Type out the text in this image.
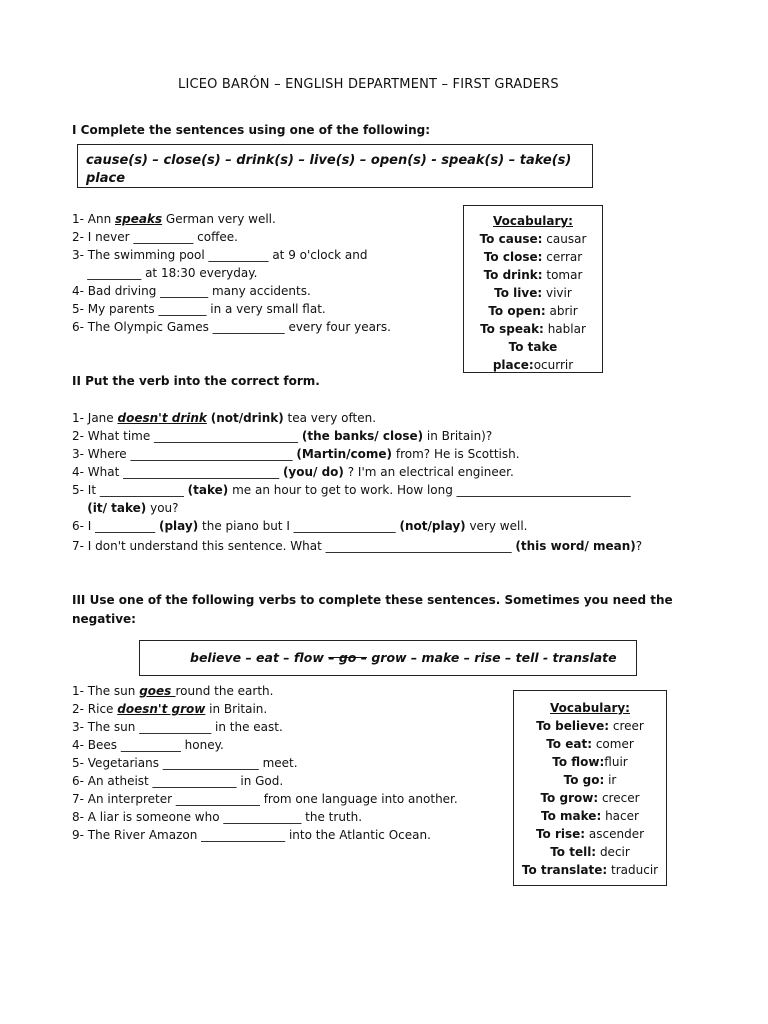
LICEO BARÓN – ENGLISH DEPARTMENT – FIRST GRADERS
I Complete the sentences using one of the following:
cause(s) – close(s) – drink(s) – live(s) – open(s) - speak(s) – take(s)
place
1- Ann speaks German very well.
2- I never __________ coffee.
3- The swimming pool __________ at 9 o'clock and
_________ at 18:30 everyday.
4- Bad driving ________ many accidents.
5- My parents ________ in a very small flat.
6- The Olympic Games ____________ every four years.
Vocabulary:
To cause: causar
To close: cerrar
To drink: tomar
To live: vivir
To open: abrir
To speak: hablar
To take
place:ocurrir
II Put the verb into the correct form.
1- Jane doesn't drink (not/drink) tea very often.
2- What time ________________________ (the banks/ close) in Britain)?
3- Where ___________________________ (Martin/come) from? He is Scottish.
4- What __________________________ (you/ do) ? I'm an electrical engineer.
5- It ______________ (take) me an hour to get to work. How long _____________________________
(it/ take) you?
6- I __________ (play) the piano but I _________________ (not/play) very well.
7- I don't understand this sentence. What _______________________________ (this word/ mean)?
III Use one of the following verbs to complete these sentences. Sometimes you need the
negative:
believe – eat – flow – go – grow – make – rise – tell - translate
1- The sun goes round the earth.
2- Rice doesn't grow in Britain.
3- The sun ____________ in the east.
4- Bees __________ honey.
5- Vegetarians ________________ meet.
6- An atheist ______________ in God.
7- An interpreter ______________ from one language into another.
8- A liar is someone who _____________ the truth.
9- The River Amazon ______________ into the Atlantic Ocean.
Vocabulary:
To believe: creer
To eat: comer
To flow:fluir
To go: ir
To grow: crecer
To make: hacer
To rise: ascender
To tell: decir
To translate: traducir
